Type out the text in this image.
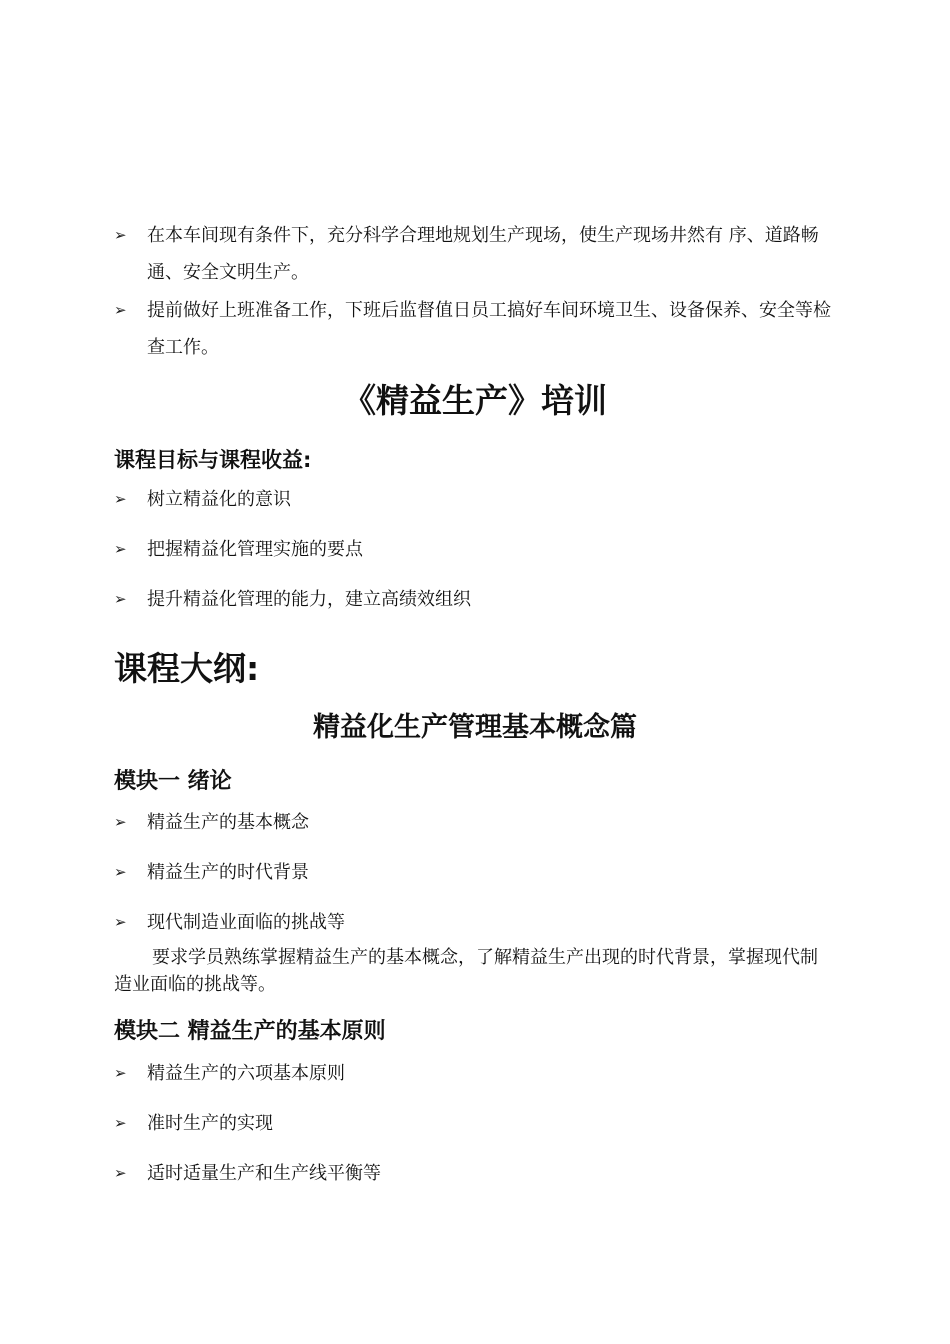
➢	在本车间现有条件下，充分科学合理地规划生产现场，使生产现场井然有 序、道路畅通、安全文明生产。
➢	提前做好上班准备工作，下班后监督值日员工搞好车间环境卫生、设备保养、安全等检查工作。
《精益生产》培训
课程目标与课程收益:
➢	树立精益化的意识
➢	把握精益化管理实施的要点
➢	提升精益化管理的能力，建立高绩效组织
课程大纲:
精益化生产管理基本概念篇
模块一 绪论
➢	精益生产的基本概念
➢	精益生产的时代背景
➢	现代制造业面临的挑战等
要求学员熟练掌握精益生产的基本概念，了解精益生产出现的时代背景，掌握现代制造业面临的挑战等。
模块二 精益生产的基本原则
➢	精益生产的六项基本原则
➢	准时生产的实现
➢	适时适量生产和生产线平衡等
